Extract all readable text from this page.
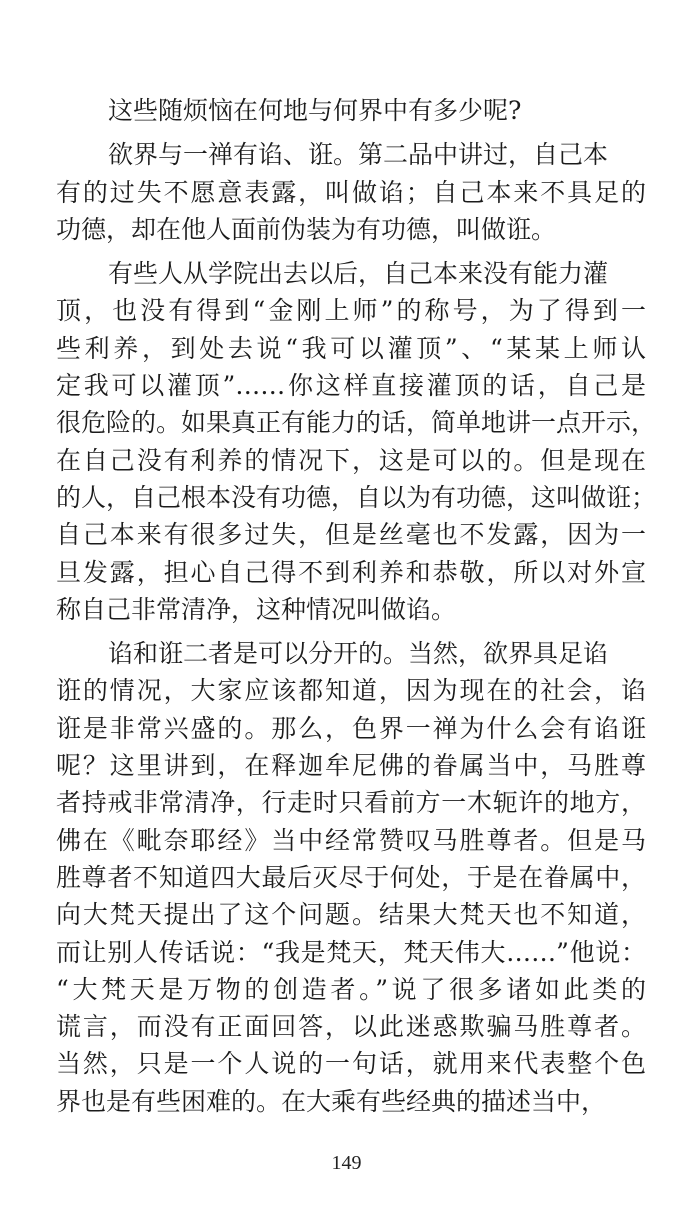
这些随烦恼在何地与何界中有多少呢?
欲界与一禅有谄、诳。第二品中讲过，自己本
有的过失不愿意表露，叫做谄；自己本来不具足的
功德，却在他人面前伪装为有功德，叫做诳。
有些人从学院出去以后，自己本来没有能力灌
顶，也没有得到“金刚上师”的称号，为了得到一
些利养，到处去说“我可以灌顶”、“某某上师认
定我可以灌顶”……你这样直接灌顶的话，自己是
很危险的。如果真正有能力的话，简单地讲一点开示，
在自己没有利养的情况下，这是可以的。但是现在
的人，自己根本没有功德，自以为有功德，这叫做诳；
自己本来有很多过失，但是丝毫也不发露，因为一
旦发露，担心自己得不到利养和恭敬，所以对外宣
称自己非常清净，这种情况叫做谄。
谄和诳二者是可以分开的。当然，欲界具足谄
诳的情况，大家应该都知道，因为现在的社会，谄
诳是非常兴盛的。那么，色界一禅为什么会有谄诳
呢？这里讲到，在释迦牟尼佛的眷属当中，马胜尊
者持戒非常清净，行走时只看前方一木轭许的地方，
佛在《毗奈耶经》当中经常赞叹马胜尊者。但是马
胜尊者不知道四大最后灭尽于何处，于是在眷属中，
向大梵天提出了这个问题。结果大梵天也不知道，
而让别人传话说：“我是梵天，梵天伟大……”他说：
“大梵天是万物的创造者。”说了很多诸如此类的
谎言，而没有正面回答，以此迷惑欺骗马胜尊者。
当然，只是一个人说的一句话，就用来代表整个色
界也是有些困难的。在大乘有些经典的描述当中，
149
